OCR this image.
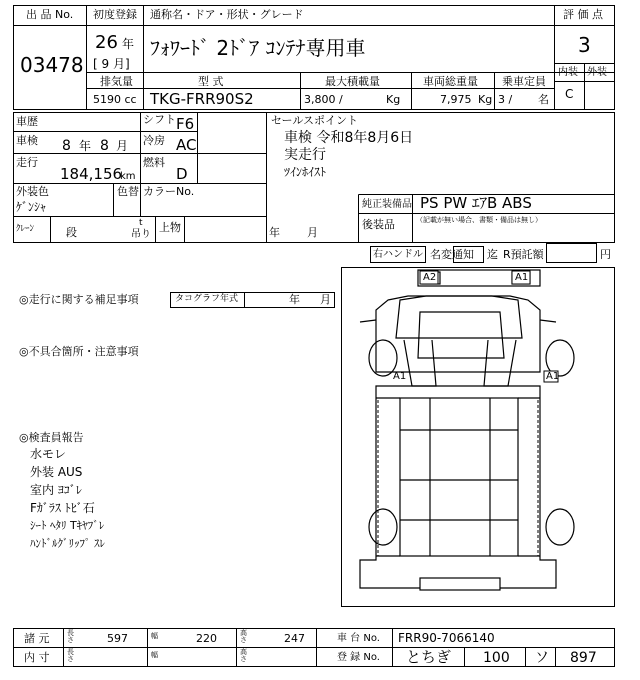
出 品 No.
03478
初度登録
26 年
[ 9 月]
通称名・ドア・形状・グレード
ﾌｫﾜｰﾄﾞ 2ﾄﾞｱ ｺﾝﾃﾅ専用車
評 価 点
3
内装 外装
C
排気量
5190 cc
型 式
TKG-FRR90S2
最大積載量
3,800 /	Kg
車両総重量
7,975 Kg
乗車定員
3 / 名
車歴
車検 8 年 8 月
走行
184,156
km
シフト F6
冷房 AC
燃料
D
外装色
ｹﾞﾝｼｬ
色替 カラーNo.
ｸﾚｰﾝ	段
t
吊り
上物	年 月
セールスポイント
車検 令和8年8月6日
実走行
ﾂｲﾝﾎｲｽﾄ
純正装備品 PS PW ｴｱB ABS
後装品	（記載が無い場合、書類・備品は無し）
右ハンドル 名変通知 迄 R預託額	円
◎走行に関する補足事項	タコグラフ年式	年 月
◎不具合箇所・注意事項
◎検査員報告
水モレ
外装 AUS
室内 ﾖｺﾞﾚ
Fｶﾞﾗｽ ﾄﾋﾞ石
ｼｰﾄ ﾍﾀﾘ Tｷﾔﾌﾞﾚ
ﾊﾝﾄﾞﾙｸﾞﾘｯﾌﾟ ｽﾚ
A2	A1
A1	A1
諸 元	長さ	597	幅	220	高さ	247	車 台 No. FRR90-7066140
内 寸	長さ	幅	高さ	登 録 No. とちぎ 100 ソ 897
